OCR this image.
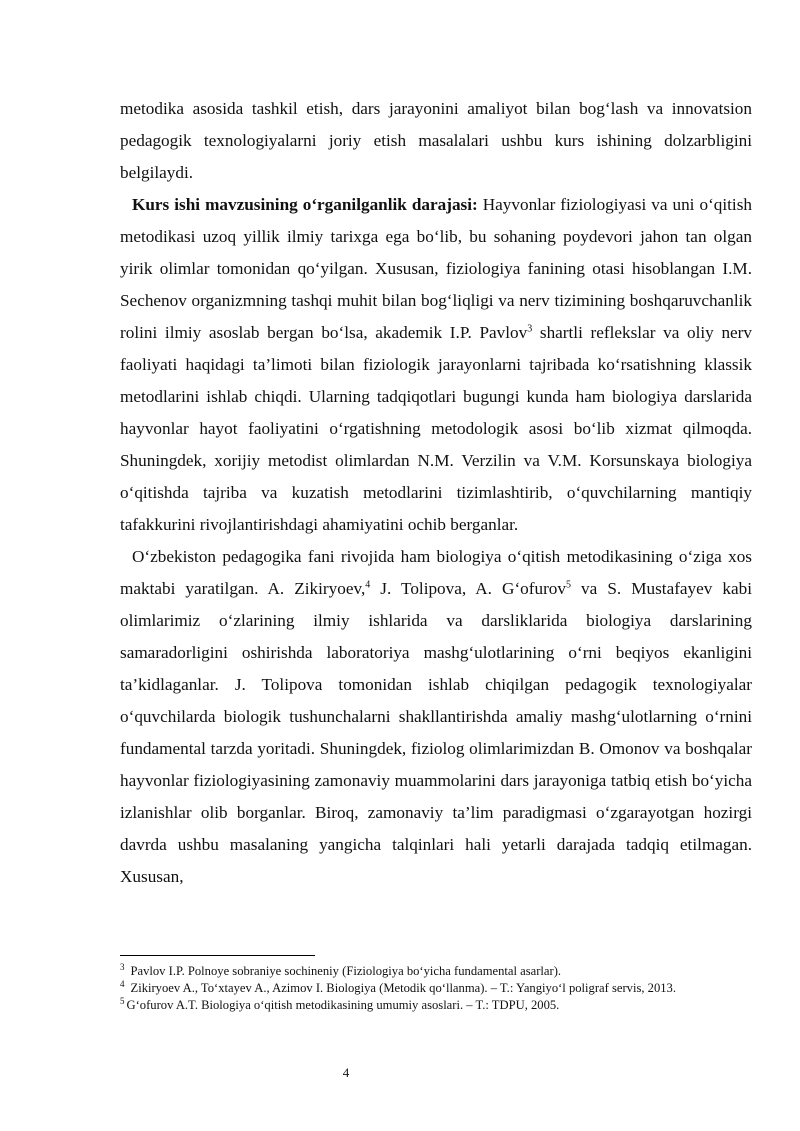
metodika asosida tashkil etish, dars jarayonini amaliyot bilan bog‘lash va innovatsion pedagogik texnologiyalarni joriy etish masalalari ushbu kurs ishining dolzarbligini belgilaydi.

Kurs ishi mavzusining o‘rganilganlik darajasi: Hayvonlar fiziologiyasi va uni o‘qitish metodikasi uzoq yillik ilmiy tarixga ega bo‘lib, bu sohaning poydevori jahon tan olgan yirik olimlar tomonidan qo‘yilgan. Xususan, fiziologiya fanining otasi hisoblangan I.M. Sechenov organizmning tashqi muhit bilan bog‘liqligi va nerv tizimining boshqaruvchanlik rolini ilmiy asoslab bergan bo‘lsa, akademik I.P. Pavlov$^3$ shartli reflekslar va oliy nerv faoliyati haqidagi ta’limoti bilan fiziologik jarayonlarni tajribada ko‘rsatishning klassik metodlarini ishlab chiqdi. Ularning tadqiqotlari bugungi kunda ham biologiya darslarida hayvonlar hayot faoliyatini o‘rgatishning metodologik asosi bo‘lib xizmat qilmoqda. Shuningdek, xorijiy metodist olimlardan N.M. Verzilin va V.M. Korsunskaya biologiya o‘qitishda tajriba va kuzatish metodlarini tizimlashtirib, o‘quvchilarning mantiqiy tafakkurini rivojlantirishdagi ahamiyatini ochib berganlar.

O‘zbekiston pedagogika fani rivojida ham biologiya o‘qitish metodikasining o‘ziga xos maktabi yaratilgan. A. Zikiryoev,$^4$ J. Tolipova, A. G‘ofurov$^5$ va S. Mustafayev kabi olimlarimiz o‘zlarining ilmiy ishlarida va darsliklarida biologiya darslarining samaradorligini oshirishda laboratoriya mashg‘ulotlarining o‘rni beqiyos ekanligini ta’kidlaganlar. J. Tolipova tomonidan ishlab chiqilgan pedagogik texnologiyalar o‘quvchilarda biologik tushunchalarni shakllantirishda amaliy mashg‘ulotlarning o‘rnini fundamental tarzda yoritadi. Shuningdek, fiziolog olimlarimizdan B. Omonov va boshqalar hayvonlar fiziologiyasining zamonaviy muammolarini dars jarayoniga tatbiq etish bo‘yicha izlanishlar olib borganlar. Biroq, zamonaviy ta’lim paradigmasi o‘zgarayotgan hozirgi davrda ushbu masalaning yangicha talqinlari hali yetarli darajada tadqiq etilmagan. Xususan,

$^3$ Pavlov I.P. Polnoye sobraniye sochineniy (Fiziologiya bo‘yicha fundamental asarlar).

$^4$ Zikiryoev A., To‘xtayev A., Azimov I. Biologiya (Metodik qo‘llanma). – T.: Yangiyo‘l poligraf servis, 2013.

$^5$ G‘ofurov A.T. Biologiya o‘qitish metodikasining umumiy asoslari. – T.: TDPU, 2005.

4
